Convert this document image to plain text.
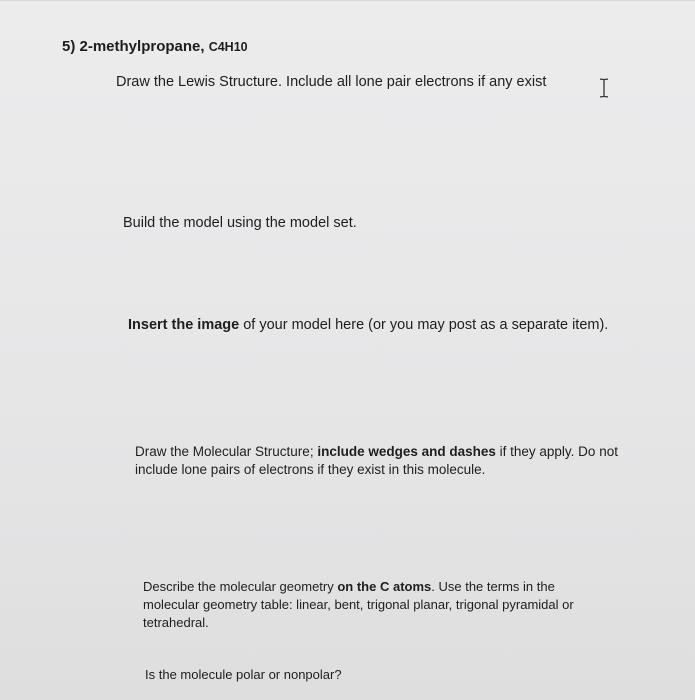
5) 2-methylpropane, C4H10
Draw the Lewis Structure. Include all lone pair electrons if any exist
Build the model using the model set.
Insert the image of your model here (or you may post as a separate item).
Draw the Molecular Structure; include wedges and dashes if they apply. Do not
include lone pairs of electrons if they exist in this molecule.
Describe the molecular geometry on the C atoms. Use the terms in the
molecular geometry table: linear, bent, trigonal planar, trigonal pyramidal or
tetrahedral.
Is the molecule polar or nonpolar?
